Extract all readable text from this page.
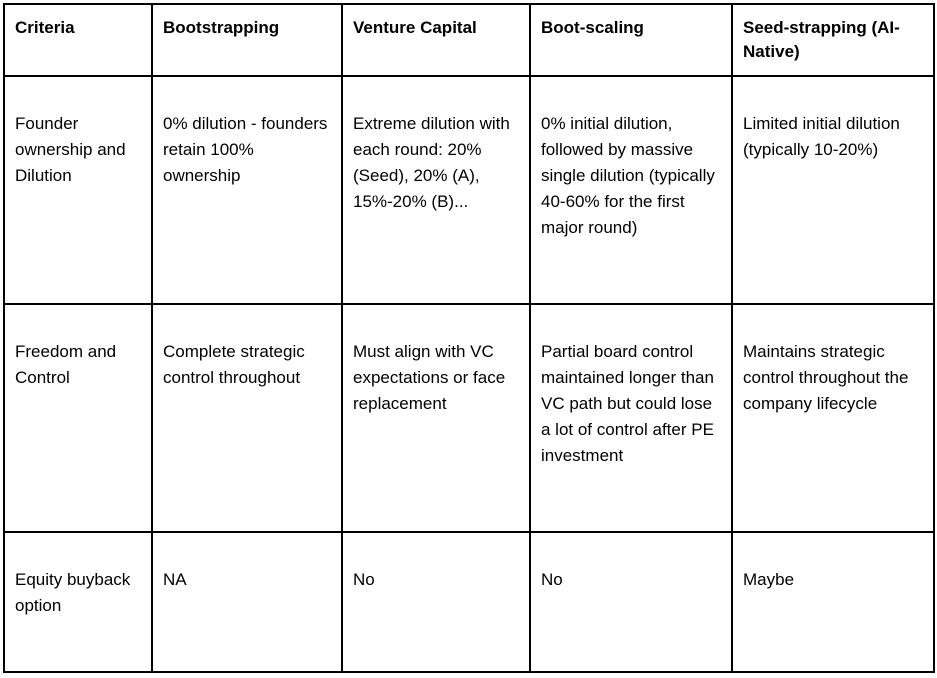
Criteria	Bootstrapping	Venture Capital	Boot-scaling	Seed-strapping (AI-Native)
Founder ownership and Dilution	0% dilution - founders retain 100% ownership	Extreme dilution with each round: 20% (Seed), 20% (A), 15%-20% (B)...	0% initial dilution, followed by massive single dilution (typically 40-60% for the first major round)	Limited initial dilution (typically 10-20%)
Freedom and Control	Complete strategic control throughout	Must align with VC expectations or face replacement	Partial board control maintained longer than VC path but could lose a lot of control after PE investment	Maintains strategic control throughout the company lifecycle
Equity buyback option	NA	No	No	Maybe
